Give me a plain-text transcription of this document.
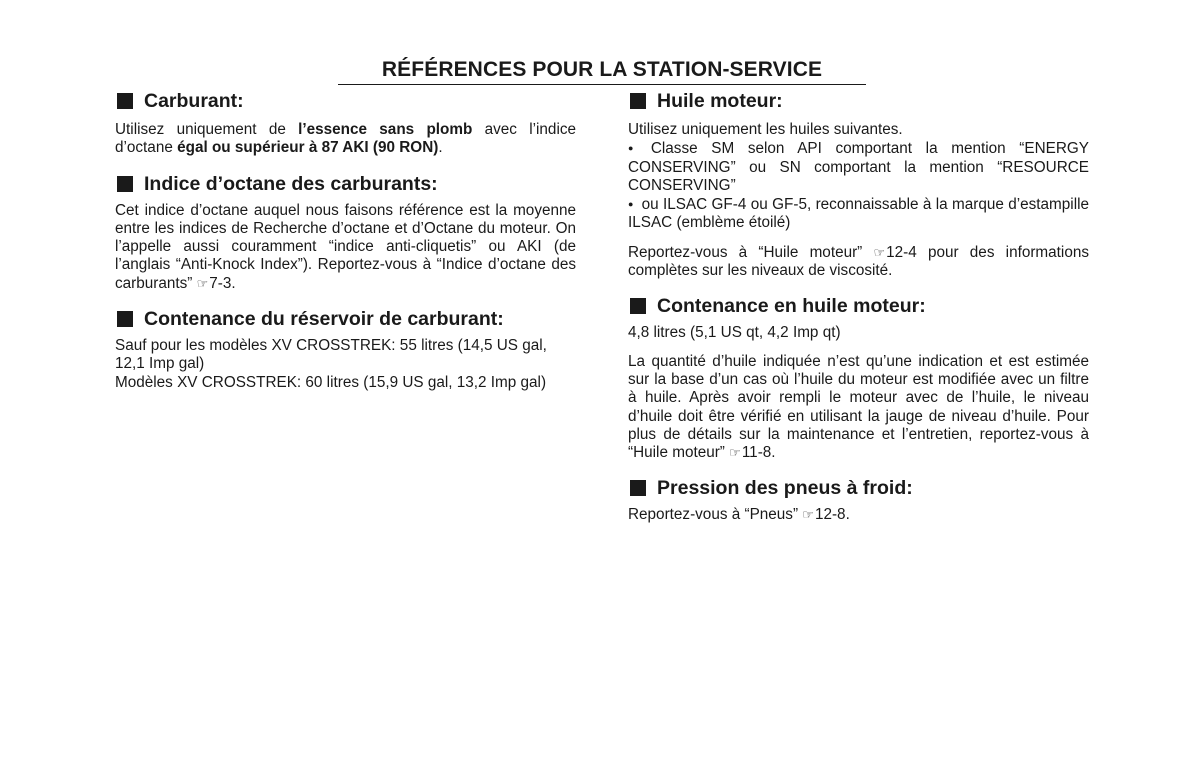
RÉFÉRENCES POUR LA STATION-SERVICE
Carburant:

Utilisez uniquement de l’essence sans plomb avec l’indice d’octane égal ou supérieur à 87 AKI (90 RON).

Indice d’octane des carburants:

Cet indice d’octane auquel nous faisons référence est la moyenne entre les indices de Recherche d’octane et d’Octane du moteur. On l’appelle aussi couramment “indice anti-cliquetis” ou AKI (de l’anglais “Anti-Knock Index”). Reportez-vous à “Indice d’octane des carburants” ☞7-3.

Contenance du réservoir de carburant:

Sauf pour les modèles XV CROSSTREK: 55 litres (14,5 US gal, 12,1 Imp gal)

Modèles XV CROSSTREK: 60 litres (15,9 US gal, 13,2 Imp gal)

Huile moteur:

Utilisez uniquement les huiles suivantes.

● Classe SM selon API comportant la mention “ENERGY CONSERVING” ou SN comportant la mention “RESOURCE CONSERVING”

● ou ILSAC GF-4 ou GF-5, reconnaissable à la marque d’estampille ILSAC (emblème étoilé)

Reportez-vous à “Huile moteur” ☞12-4 pour des informations complètes sur les niveaux de viscosité.

Contenance en huile moteur:

4,8 litres (5,1 US qt, 4,2 Imp qt)

La quantité d’huile indiquée n’est qu’une indication et est estimée sur la base d’un cas où l’huile du moteur est modifiée avec un filtre à huile. Après avoir rempli le moteur avec de l’huile, le niveau d’huile doit être vérifié en utilisant la jauge de niveau d’huile. Pour plus de détails sur la maintenance et l’entretien, reportez-vous à “Huile moteur” ☞11-8.

Pression des pneus à froid:

Reportez-vous à “Pneus” ☞12-8.
